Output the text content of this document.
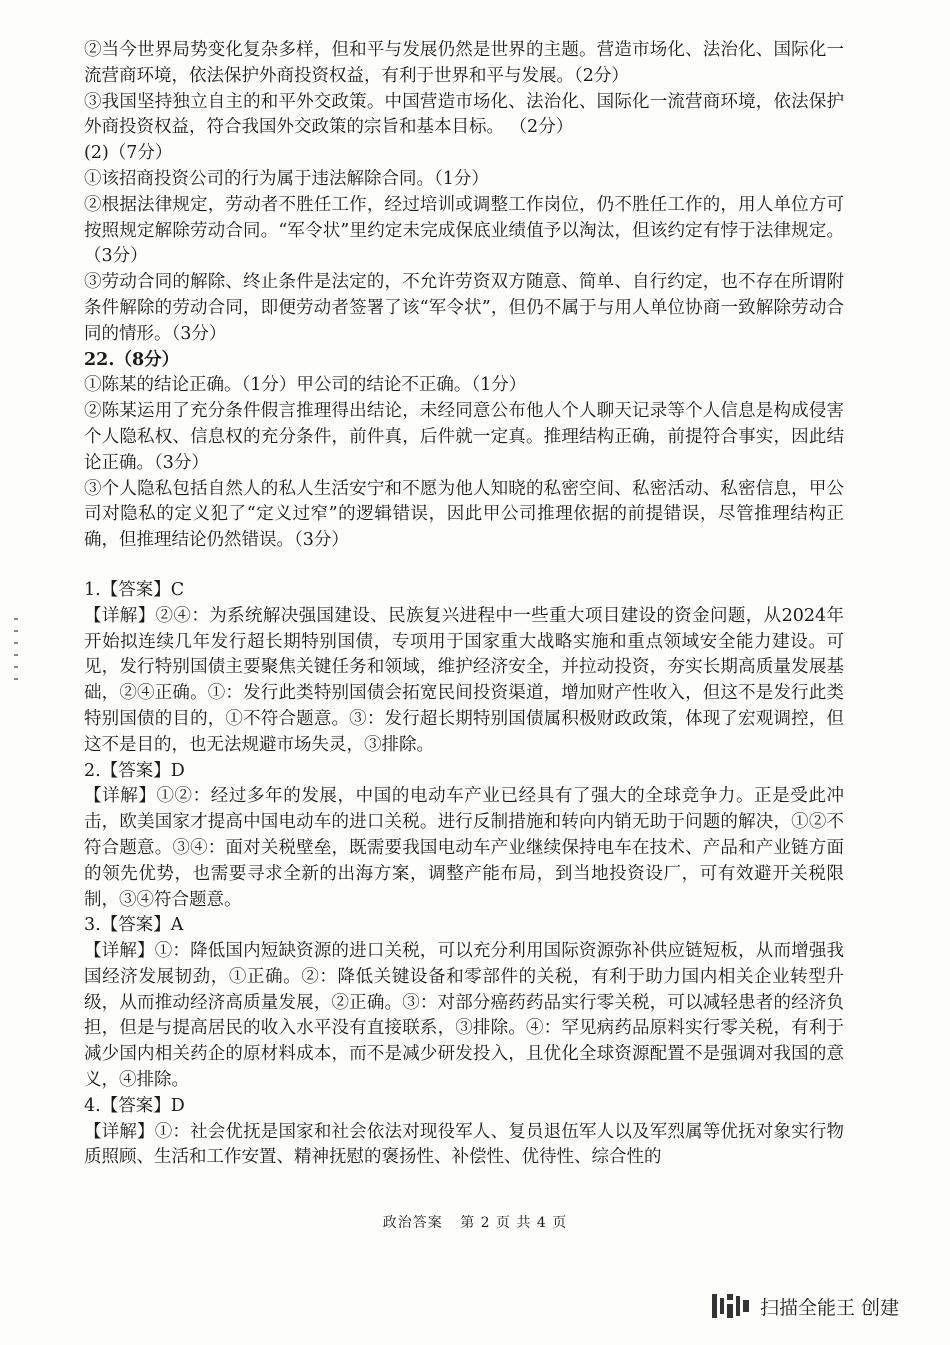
②当今世界局势变化复杂多样，但和平与发展仍然是世界的主题。营造市场化、法治化、国际化一流营商环境，依法保护外商投资权益，有利于世界和平与发展。（2分）

③我国坚持独立自主的和平外交政策。中国营造市场化、法治化、国际化一流营商环境，依法保护外商投资权益，符合我国外交政策的宗旨和基本目标。 （2分）

(2)（7分）

①该招商投资公司的行为属于违法解除合同。（1分）

②根据法律规定，劳动者不胜任工作，经过培训或调整工作岗位，仍不胜任工作的，用人单位方可按照规定解除劳动合同。“军令状”里约定未完成保底业绩值予以淘汰，但该约定有悖于法律规定。（3分）

③劳动合同的解除、终止条件是法定的，不允许劳资双方随意、简单、自行约定，也不存在所谓附条件解除的劳动合同，即便劳动者签署了该“军令状”，但仍不属于与用人单位协商一致解除劳动合同的情形。（3分）

22.（8分）

①陈某的结论正确。（1分）甲公司的结论不正确。（1分）

②陈某运用了充分条件假言推理得出结论，未经同意公布他人个人聊天记录等个人信息是构成侵害个人隐私权、信息权的充分条件，前件真，后件就一定真。推理结构正确，前提符合事实，因此结论正确。（3分）

③个人隐私包括自然人的私人生活安宁和不愿为他人知晓的私密空间、私密活动、私密信息，甲公司对隐私的定义犯了“定义过窄”的逻辑错误，因此甲公司推理依据的前提错误，尽管推理结构正确，但推理结论仍然错误。（3分）

1.【答案】C

【详解】②④：为系统解决强国建设、民族复兴进程中一些重大项目建设的资金问题，从2024年开始拟连续几年发行超长期特别国债，专项用于国家重大战略实施和重点领域安全能力建设。可见，发行特别国债主要聚焦关键任务和领域，维护经济安全，并拉动投资，夯实长期高质量发展基础，②④正确。①：发行此类特别国债会拓宽民间投资渠道，增加财产性收入，但这不是发行此类特别国债的目的，①不符合题意。③：发行超长期特别国债属积极财政政策，体现了宏观调控，但这不是目的，也无法规避市场失灵，③排除。

2.【答案】D

【详解】①②：经过多年的发展，中国的电动车产业已经具有了强大的全球竞争力。正是受此冲击，欧美国家才提高中国电动车的进口关税。进行反制措施和转向内销无助于问题的解决，①②不符合题意。③④：面对关税壁垒，既需要我国电动车产业继续保持电车在技术、产品和产业链方面的领先优势，也需要寻求全新的出海方案，调整产能布局，到当地投资设厂，可有效避开关税限制，③④符合题意。

3.【答案】A

【详解】①：降低国内短缺资源的进口关税，可以充分利用国际资源弥补供应链短板，从而增强我国经济发展韧劲，①正确。②：降低关键设备和零部件的关税，有利于助力国内相关企业转型升级，从而推动经济高质量发展，②正确。③：对部分癌药药品实行零关税，可以减轻患者的经济负担，但是与提高居民的收入水平没有直接联系，③排除。④：罕见病药品原料实行零关税，有利于减少国内相关药企的原材料成本，而不是减少研发投入，且优化全球资源配置不是强调对我国的意义，④排除。

4.【答案】D

【详解】①：社会优抚是国家和社会依法对现役军人、复员退伍军人以及军烈属等优抚对象实行物质照顾、生活和工作安置、精神抚慰的褒扬性、补偿性、优待性、综合性的

政治答案 第 2 页 共 4 页
扫描全能王 创建
